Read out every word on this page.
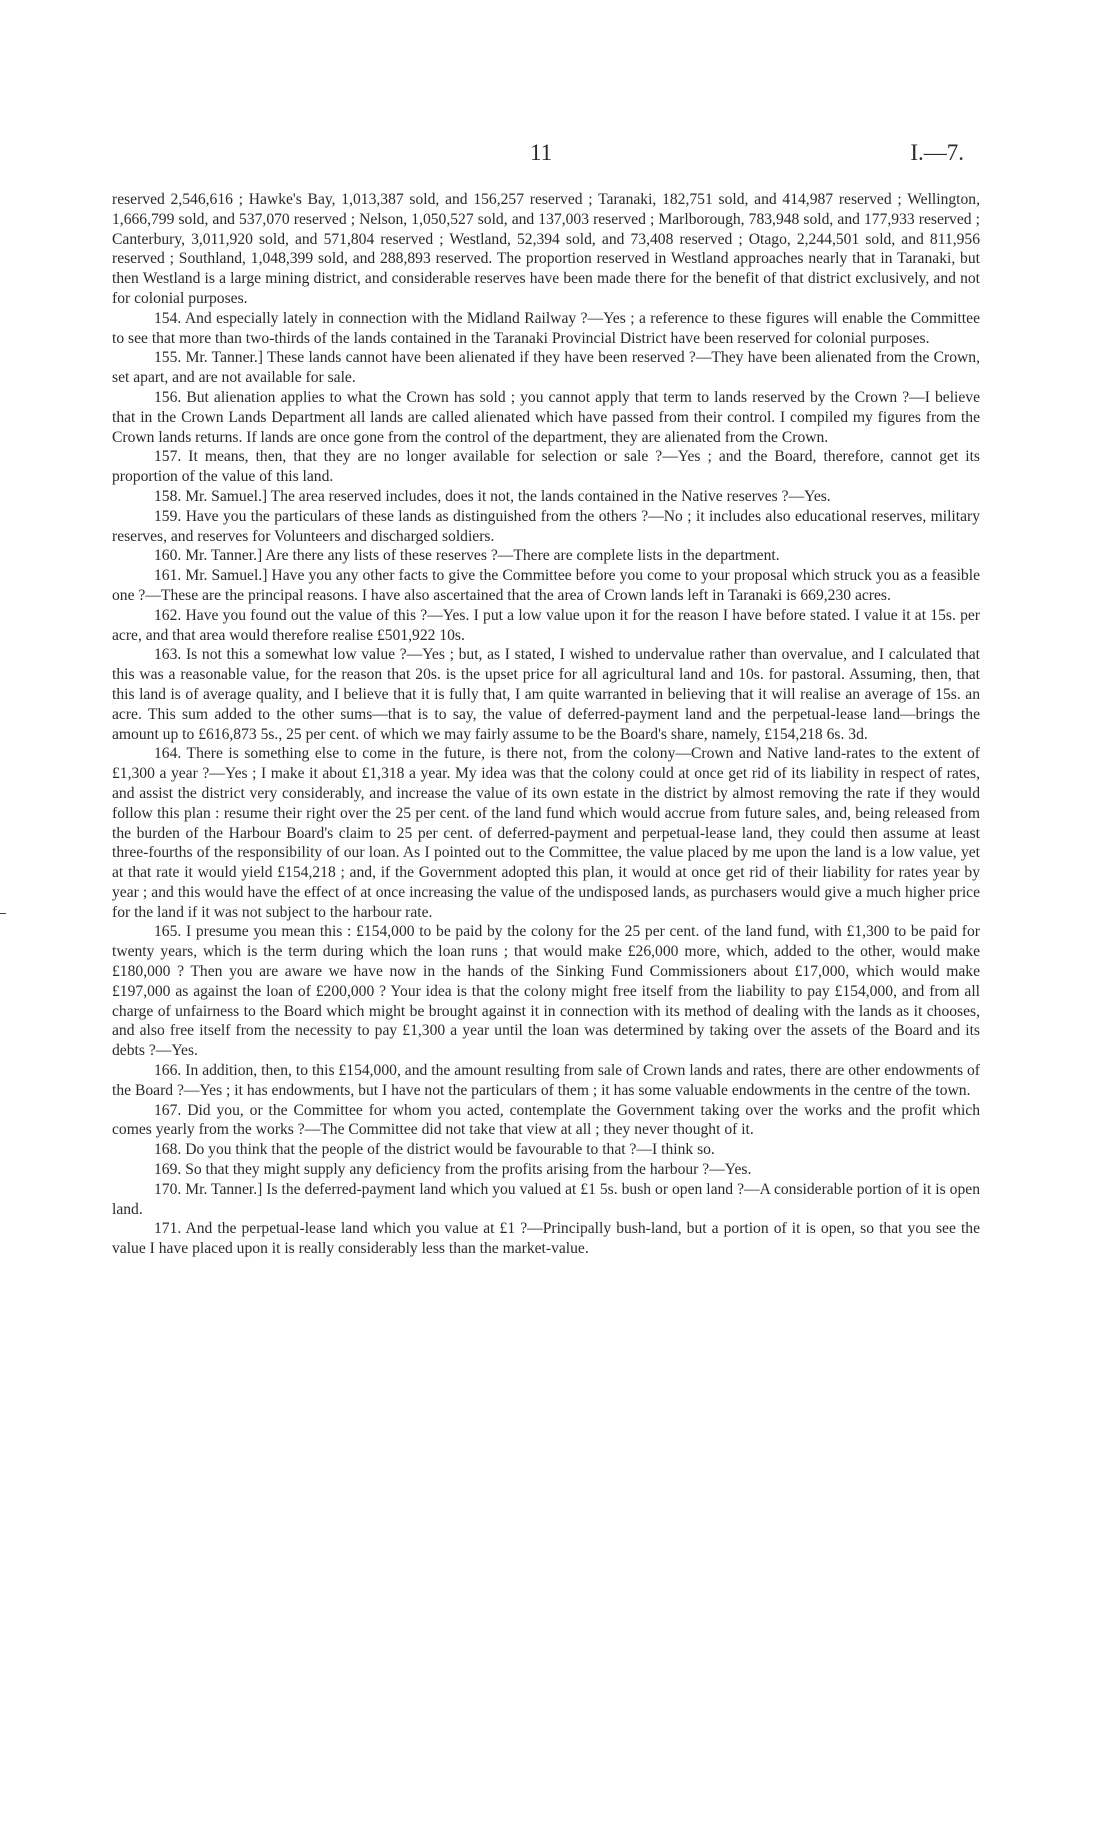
11	I.—7.

reserved 2,546,616 ; Hawke's Bay, 1,013,387 sold, and 156,257 reserved ; Taranaki, 182,751 sold, and 414,987 reserved ; Wellington, 1,666,799 sold, and 537,070 reserved ; Nelson, 1,050,527 sold, and 137,003 reserved ; Marlborough, 783,948 sold, and 177,933 reserved ; Canterbury, 3,011,920 sold, and 571,804 reserved ; Westland, 52,394 sold, and 73,408 reserved ; Otago, 2,244,501 sold, and 811,956 reserved ; Southland, 1,048,399 sold, and 288,893 reserved. The proportion reserved in Westland approaches nearly that in Taranaki, but then Westland is a large mining district, and considerable reserves have been made there for the benefit of that district exclusively, and not for colonial purposes.

154. And especially lately in connection with the Midland Railway ?—Yes ; a reference to these figures will enable the Committee to see that more than two-thirds of the lands contained in the Taranaki Provincial District have been reserved for colonial purposes.

155. Mr. Tanner.] These lands cannot have been alienated if they have been reserved ?—They have been alienated from the Crown, set apart, and are not available for sale.

156. But alienation applies to what the Crown has sold ; you cannot apply that term to lands reserved by the Crown ?—I believe that in the Crown Lands Department all lands are called alienated which have passed from their control. I compiled my figures from the Crown lands returns. If lands are once gone from the control of the department, they are alienated from the Crown.

157. It means, then, that they are no longer available for selection or sale ?—Yes ; and the Board, therefore, cannot get its proportion of the value of this land.

158. Mr. Samuel.] The area reserved includes, does it not, the lands contained in the Native reserves ?—Yes.

159. Have you the particulars of these lands as distinguished from the others ?—No ; it includes also educational reserves, military reserves, and reserves for Volunteers and discharged soldiers.

160. Mr. Tanner.] Are there any lists of these reserves ?—There are complete lists in the department.

161. Mr. Samuel.] Have you any other facts to give the Committee before you come to your proposal which struck you as a feasible one ?—These are the principal reasons. I have also ascertained that the area of Crown lands left in Taranaki is 669,230 acres.

162. Have you found out the value of this ?—Yes. I put a low value upon it for the reason I have before stated. I value it at 15s. per acre, and that area would therefore realise £501,922 10s.

163. Is not this a somewhat low value ?—Yes ; but, as I stated, I wished to undervalue rather than overvalue, and I calculated that this was a reasonable value, for the reason that 20s. is the upset price for all agricultural land and 10s. for pastoral. Assuming, then, that this land is of average quality, and I believe that it is fully that, I am quite warranted in believing that it will realise an average of 15s. an acre. This sum added to the other sums—that is to say, the value of deferred-payment land and the perpetual-lease land—brings the amount up to £616,873 5s., 25 per cent. of which we may fairly assume to be the Board's share, namely, £154,218 6s. 3d.

164. There is something else to come in the future, is there not, from the colony—Crown and Native land-rates to the extent of £1,300 a year ?—Yes ; I make it about £1,318 a year. My idea was that the colony could at once get rid of its liability in respect of rates, and assist the district very considerably, and increase the value of its own estate in the district by almost removing the rate if they would follow this plan : resume their right over the 25 per cent. of the land fund which would accrue from future sales, and, being released from the burden of the Harbour Board's claim to 25 per cent. of deferred-payment and perpetual-lease land, they could then assume at least three-fourths of the responsibility of our loan. As I pointed out to the Committee, the value placed by me upon the land is a low value, yet at that rate it would yield £154,218 ; and, if the Government adopted this plan, it would at once get rid of their liability for rates year by year ; and this would have the effect of at once increasing the value of the undisposed lands, as purchasers would give a much higher price for the land if it was not subject to the harbour rate.

165. I presume you mean this : £154,000 to be paid by the colony for the 25 per cent. of the land fund, with £1,300 to be paid for twenty years, which is the term during which the loan runs ; that would make £26,000 more, which, added to the other, would make £180,000 ? Then you are aware we have now in the hands of the Sinking Fund Commissioners about £17,000, which would make £197,000 as against the loan of £200,000 ? Your idea is that the colony might free itself from the liability to pay £154,000, and from all charge of unfairness to the Board which might be brought against it in connection with its method of dealing with the lands as it chooses, and also free itself from the necessity to pay £1,300 a year until the loan was determined by taking over the assets of the Board and its debts ?—Yes.

166. In addition, then, to this £154,000, and the amount resulting from sale of Crown lands and rates, there are other endowments of the Board ?—Yes ; it has endowments, but I have not the particulars of them ; it has some valuable endowments in the centre of the town.

167. Did you, or the Committee for whom you acted, contemplate the Government taking over the works and the profit which comes yearly from the works ?—The Committee did not take that view at all ; they never thought of it.

168. Do you think that the people of the district would be favourable to that ?—I think so.

169. So that they might supply any deficiency from the profits arising from the harbour ?—Yes.

170. Mr. Tanner.] Is the deferred-payment land which you valued at £1 5s. bush or open land ?—A considerable portion of it is open land.

171. And the perpetual-lease land which you value at £1 ?—Principally bush-land, but a portion of it is open, so that you see the value I have placed upon it is really considerably less than the market-value.
